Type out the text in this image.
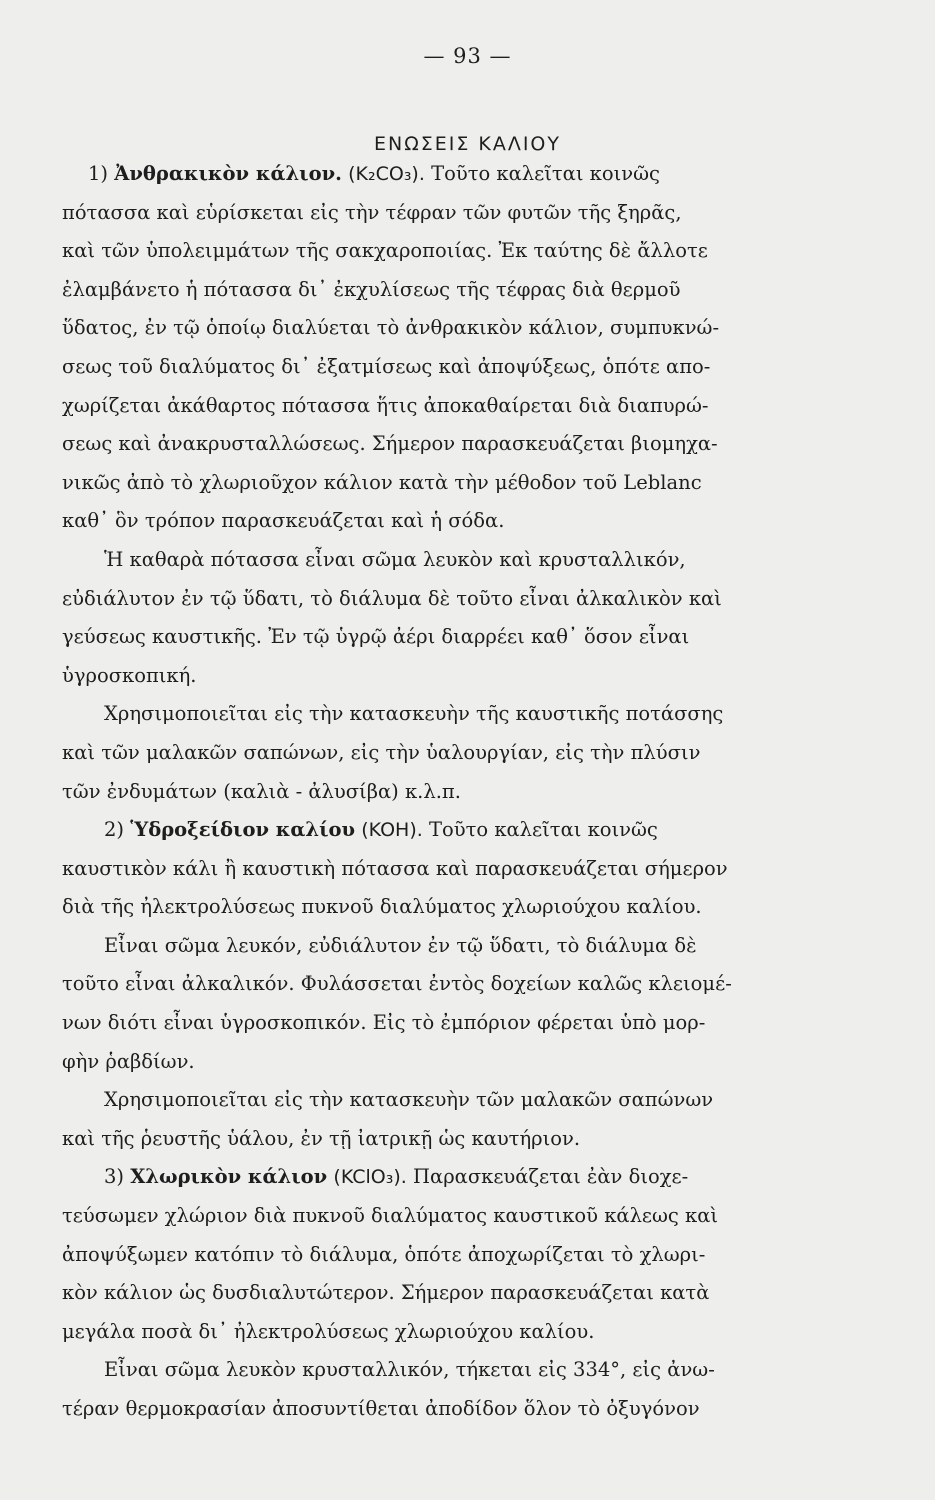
— 93 —
ΕΝΩΣΕΙΣ ΚΑΛΙΟΥ
1) Ἀνθρακικὸν κάλιον. (K₂CO₃). Τοῦτο καλεῖται κοινῶς
πότασσα καὶ εὑρίσκεται εἰς τὴν τέφραν τῶν φυτῶν τῆς ξηρᾶς,
καὶ τῶν ὑπολειμμάτων τῆς σακχαροποιίας. Ἐκ ταύτης δὲ ἄλλοτε
ἐλαμβάνετο ἡ πότασσα δι᾽ ἐκχυλίσεως τῆς τέφρας διὰ θερμοῦ
ὕδατος, ἐν τῷ ὁποίῳ διαλύεται τὸ ἀνθρακικὸν κάλιον, συμπυκνώ-
σεως τοῦ διαλύματος δι᾽ ἐξατμίσεως καὶ ἀποψύξεως, ὁπότε απο-
χωρίζεται ἀκάθαρτος πότασσα ἥτις ἀποκαθαίρεται διὰ διαπυρώ-
σεως καὶ ἀνακρυσταλλώσεως. Σήμερον παρασκευάζεται βιομηχα-
νικῶς ἀπὸ τὸ χλωριοῦχον κάλιον κατὰ τὴν μέθοδον τοῦ Leblanc
καθ᾽ ὃν τρόπον παρασκευάζεται καὶ ἡ σόδα.
Ἡ καθαρὰ πότασσα εἶναι σῶμα λευκὸν καὶ κρυσταλλικόν,
εὐδιάλυτον ἐν τῷ ὕδατι, τὸ διάλυμα δὲ τοῦτο εἶναι ἀλκαλικὸν καὶ
γεύσεως καυστικῆς. Ἐν τῷ ὑγρῷ ἀέρι διαρρέει καθ᾽ ὅσον εἶναι
ὑγροσκοπική.
Χρησιμοποιεῖται εἰς τὴν κατασκευὴν τῆς καυστικῆς ποτάσσης
καὶ τῶν μαλακῶν σαπώνων, εἰς τὴν ὑαλουργίαν, εἰς τὴν πλύσιν
τῶν ἐνδυμάτων (καλιὰ - ἀλυσίβα) κ.λ.π.
2) Ὑδροξείδιον καλίου (KOH). Τοῦτο καλεῖται κοινῶς
καυστικὸν κάλι ἢ καυστικὴ πότασσα καὶ παρασκευάζεται σήμερον
διὰ τῆς ἠλεκτρολύσεως πυκνοῦ διαλύματος χλωριούχου καλίου.
Εἶναι σῶμα λευκόν, εὐδιάλυτον ἐν τῷ ὕδατι, τὸ διάλυμα δὲ
τοῦτο εἶναι ἀλκαλικόν. Φυλάσσεται ἐντὸς δοχείων καλῶς κλειομέ-
νων διότι εἶναι ὑγροσκοπικόν. Εἰς τὸ ἐμπόριον φέρεται ὑπὸ μορ-
φὴν ῥαβδίων.
Χρησιμοποιεῖται εἰς τὴν κατασκευὴν τῶν μαλακῶν σαπώνων
καὶ τῆς ῥευστῆς ὑάλου, ἐν τῇ ἰατρικῇ ὡς καυτήριον.
3) Χλωρικὸν κάλιον (KClO₃). Παρασκευάζεται ἐὰν διοχε-
τεύσωμεν χλώριον διὰ πυκνοῦ διαλύματος καυστικοῦ κάλεως καὶ
ἀποψύξωμεν κατόπιν τὸ διάλυμα, ὁπότε ἀποχωρίζεται τὸ χλωρι-
κὸν κάλιον ὡς δυσδιαλυτώτερον. Σήμερον παρασκευάζεται κατὰ
μεγάλα ποσὰ δι᾽ ἠλεκτρολύσεως χλωριούχου καλίου.
Εἶναι σῶμα λευκὸν κρυσταλλικόν, τήκεται εἰς 334°, εἰς ἀνω-
τέραν θερμοκρασίαν ἀποσυντίθεται ἀποδίδον ὅλον τὸ ὀξυγόνον
